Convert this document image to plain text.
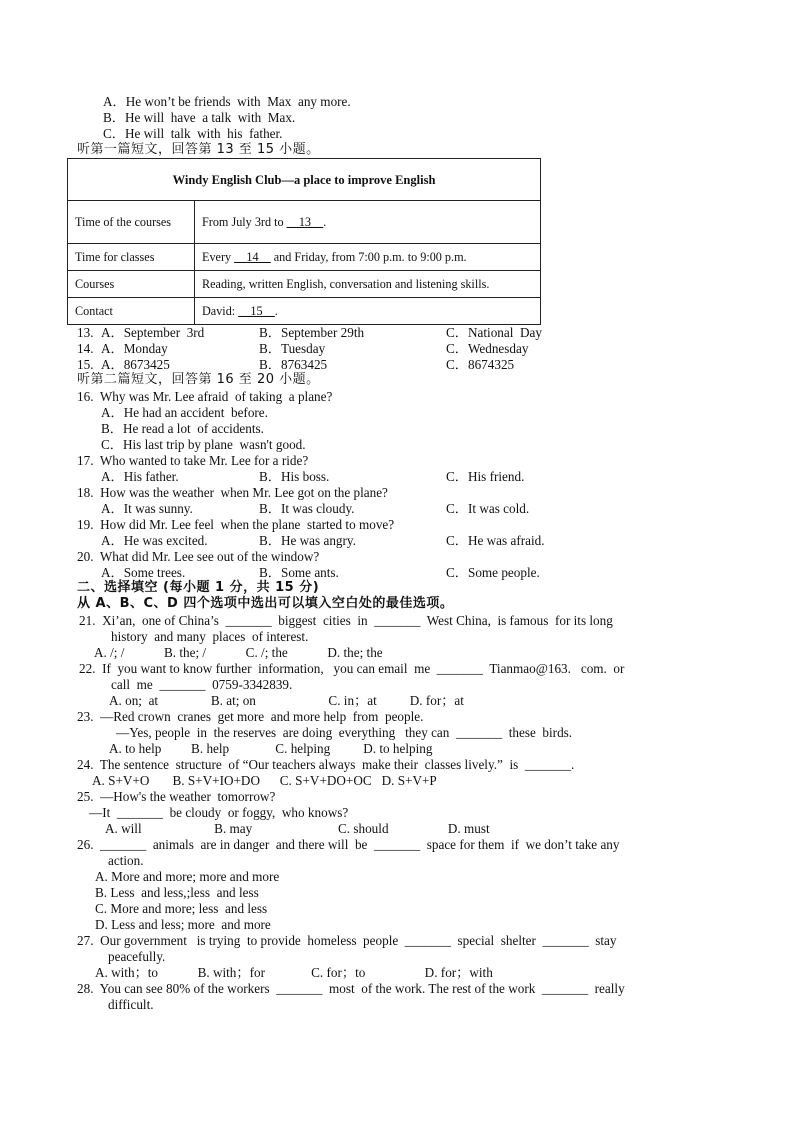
A．He won’t be friends  with  Max  any more.
B．He will  have  a talk  with  Max.
C．He will  talk  with  his  father.
听第一篇短文，回答第 13 至 15 小题。
Windy English Club—a place to improve English	
Time of the courses	From July 3rd to __13__.
Time for classes	Every __14__ and Friday, from 7:00 p.m. to 9:00 p.m.
Courses	Reading, written English, conversation and listening skills.
Contact	David: __15__.
13. A．September  3rd	B．September 29th	C．National  Day
14. A．Monday	B．Tuesday	C．Wednesday
15. A．8673425	B．8763425	C．8674325
听第二篇短文，回答第 16 至 20 小题。
16.  Why was Mr. Lee afraid  of taking  a plane?
A．He had an accident  before.
B．He read a lot  of accidents.
C．His last trip by plane  wasn't good.
17.  Who wanted to take Mr. Lee for a ride?
A．His father.	B．His boss.	C．His friend.
18.  How was the weather  when Mr. Lee got on the plane?
A．It was sunny.	B．It was cloudy.	C．It was cold.
19.  How did Mr. Lee feel  when the plane  started to move?
A．He was excited.	B．He was angry.	C．He was afraid.
20.  What did Mr. Lee see out of the window?
A．Some trees.	B．Some ants.	C．Some people.
二、选择填空 (每小题 1 分，共 15 分)
从 A、B、C、D 四个选项中选出可以填入空白处的最佳选项。
21.  Xi’an,  one of China’s  _______  biggest  cities  in  _______  West China,  is famous  for its long
history  and many  places  of interest.
A. /; /            B. the; /            C. /; the            D. the; the
22.  If  you want to know further  information,   you can email  me  _______  Tianmao@163.   com.  or
call  me  _______  0759-3342839.
A. on;  at                B. at; on                      C. in；at          D. for；at
23.  —Red crown  cranes  get more  and more help  from  people.
—Yes, people  in  the reserves  are doing  everything   they can  _______  these  birds.
A. to help         B. help              C. helping          D. to helping
24.  The sentence  structure  of “Our teachers always  make their  classes lively.”  is  _______.
A. S+V+O       B. S+V+IO+DO      C. S+V+DO+OC   D. S+V+P
25.  —How's the weather  tomorrow?
—It  _______  be cloudy  or foggy,  who knows?
A. will                      B. may                          C. should                  D. must
26.  _______  animals  are in danger  and there will  be  _______  space for them  if  we don’t take any
action.
A. More and more; more and more
B. Less  and less,;less  and less
C. More and more; less  and less
D. Less and less; more  and more
27.  Our government   is trying  to provide  homeless  people  _______  special  shelter  _______  stay
peacefully.
A. with；to            B. with；for              C. for；to                  D. for；with
28.  You can see 80% of the workers  _______  most  of the work. The rest of the work  _______  really
difficult.
